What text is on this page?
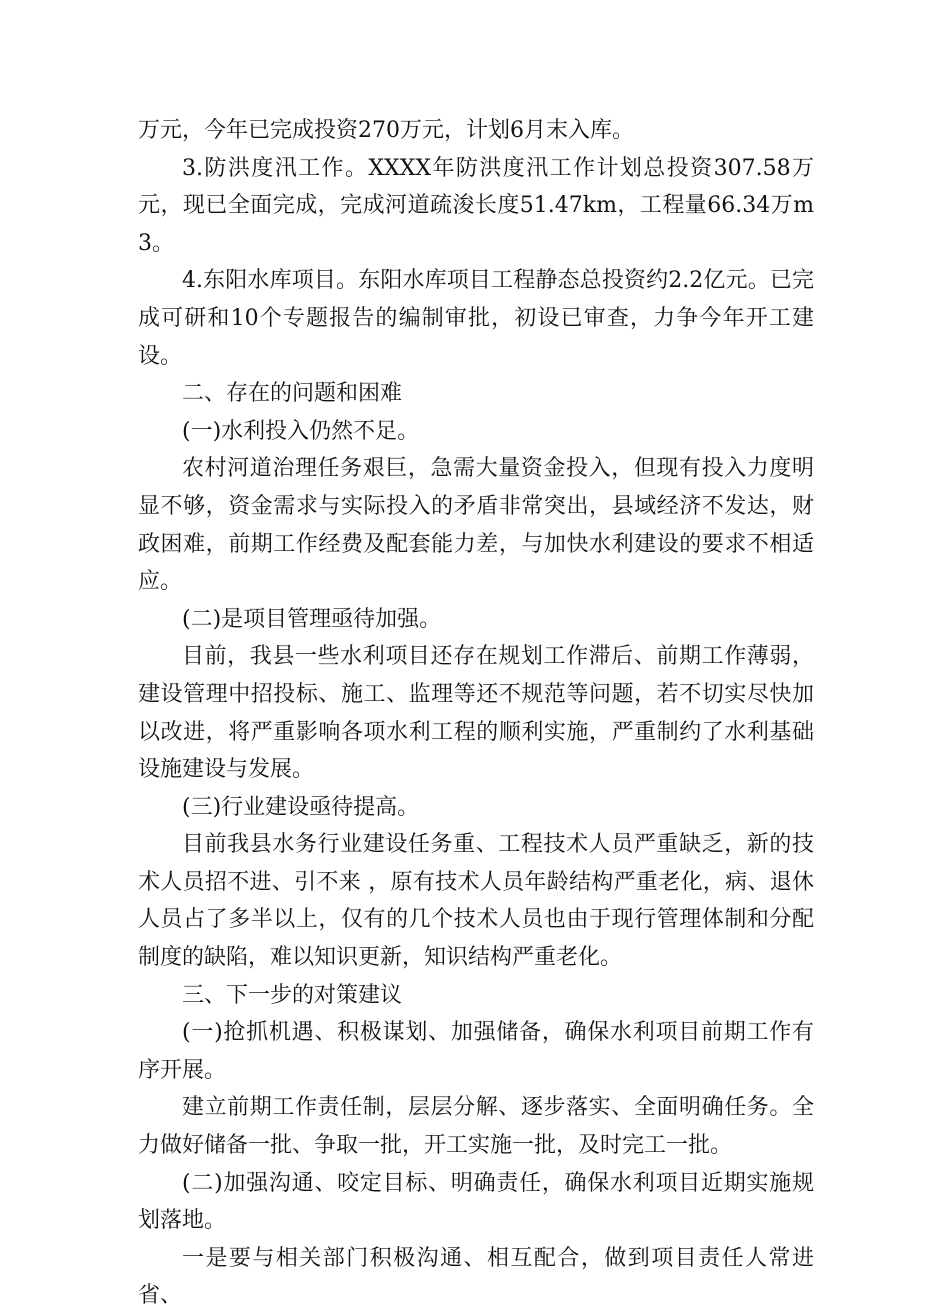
万元，今年已完成投资270万元，计划6月末入库。

3.防洪度汛工作。XXXX年防洪度汛工作计划总投资307.58万元，现已全面完成，完成河道疏浚长度51.47km，工程量66.34万m3。

4.东阳水库项目。东阳水库项目工程静态总投资约2.2亿元。已完成可研和10个专题报告的编制审批，初设已审查，力争今年开工建设。

二、存在的问题和困难

(一)水利投入仍然不足。

农村河道治理任务艰巨，急需大量资金投入，但现有投入力度明显不够，资金需求与实际投入的矛盾非常突出，县域经济不发达，财政困难，前期工作经费及配套能力差，与加快水利建设的要求不相适应。

(二)是项目管理亟待加强。

目前，我县一些水利项目还存在规划工作滞后、前期工作薄弱，建设管理中招投标、施工、监理等还不规范等问题，若不切实尽快加以改进，将严重影响各项水利工程的顺利实施，严重制约了水利基础设施建设与发展。

(三)行业建设亟待提高。

目前我县水务行业建设任务重、工程技术人员严重缺乏，新的技术人员招不进、引不来 ，原有技术人员年龄结构严重老化，病、退休人员占了多半以上，仅有的几个技术人员也由于现行管理体制和分配制度的缺陷，难以知识更新，知识结构严重老化。

三、下一步的对策建议

(一)抢抓机遇、积极谋划、加强储备，确保水利项目前期工作有序开展。

建立前期工作责任制，层层分解、逐步落实、全面明确任务。全力做好储备一批、争取一批，开工实施一批，及时完工一批。

(二)加强沟通、咬定目标、明确责任，确保水利项目近期实施规划落地。

一是要与相关部门积极沟通、相互配合，做到项目责任人常进省、
